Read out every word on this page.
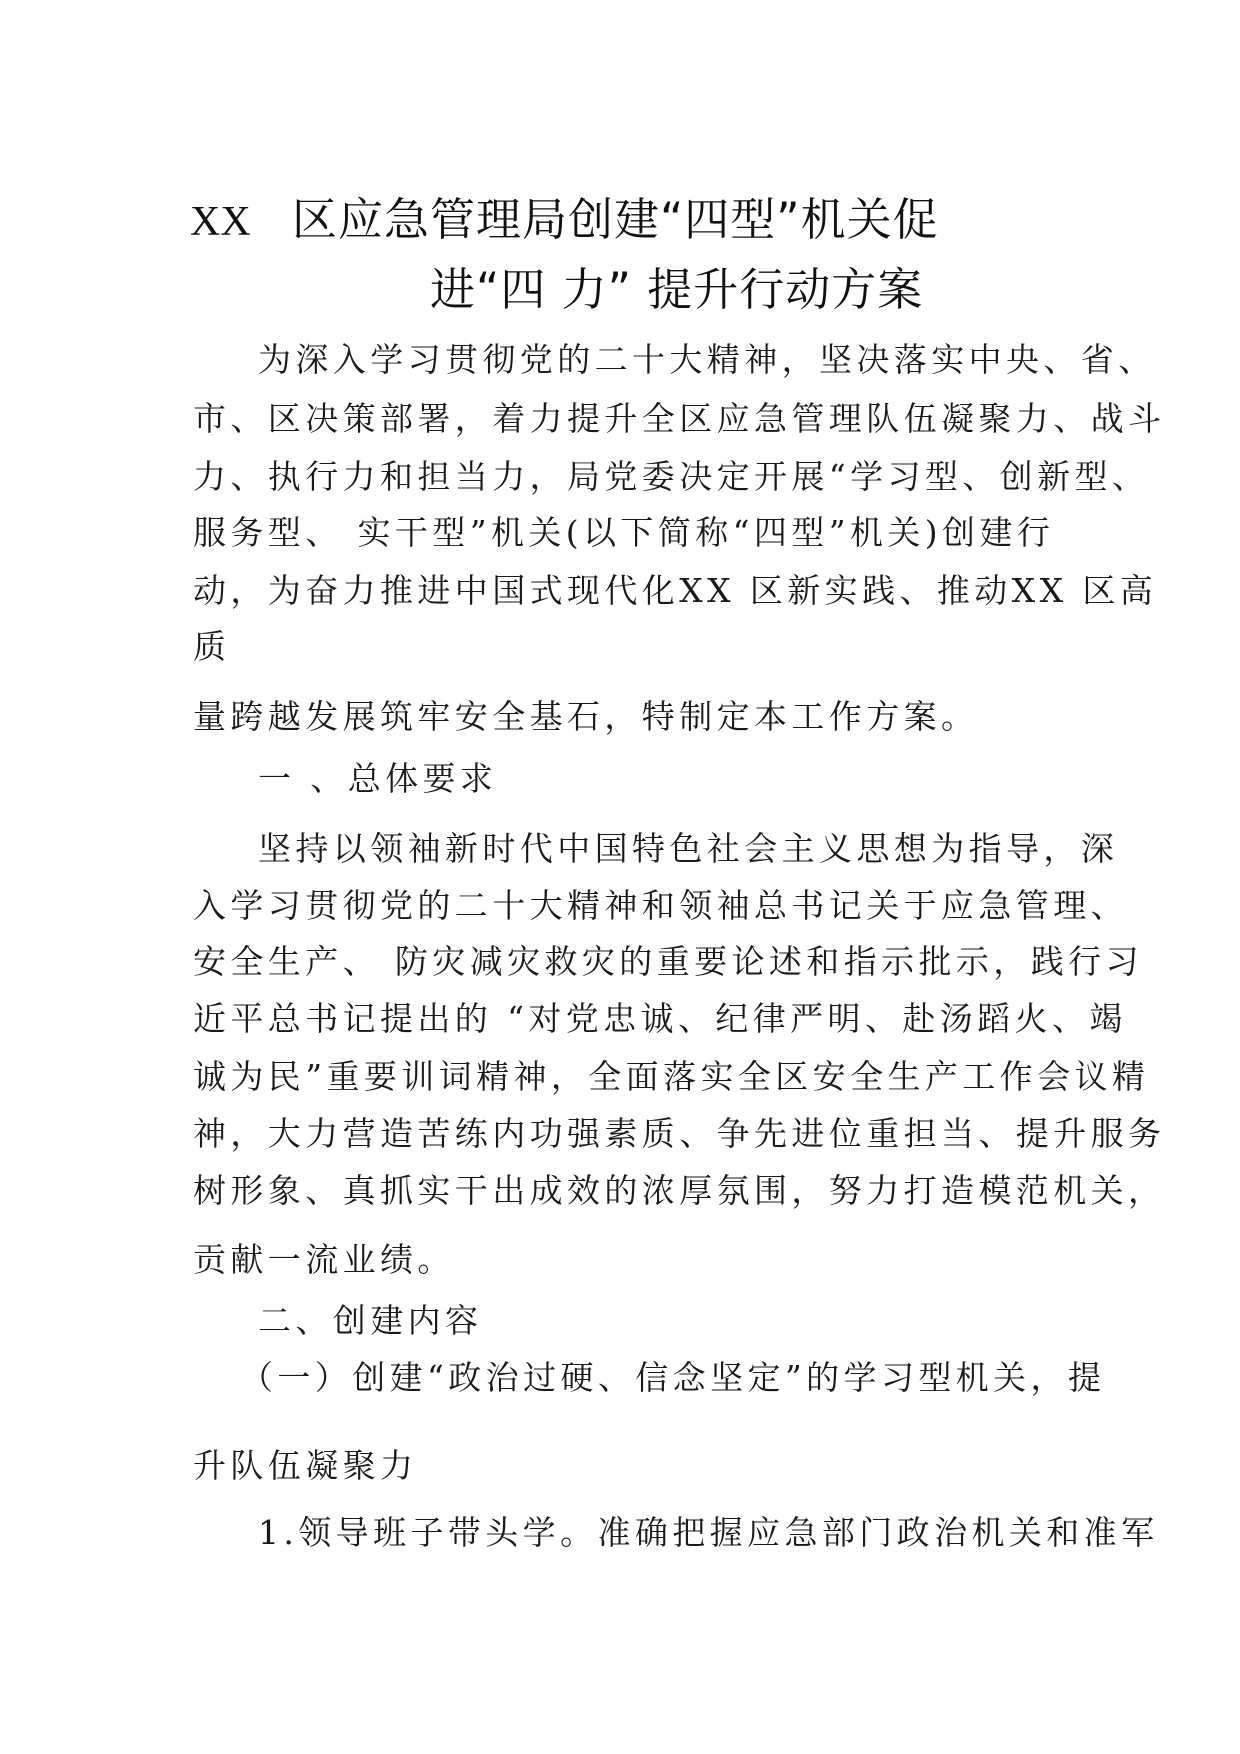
XX 区应急管理局创建“四型”机关促
进“四 力” 提升行动方案
为深入学习贯彻党的二十大精神，坚决落实中央、省、
市、区决策部署，着力提升全区应急管理队伍凝聚力、战斗
力、执行力和担当力，局党委决定开展“学习型、创新型、
服务型、 实干型”机关(以下简称“四型”机关)创建行
动，为奋力推进中国式现代化XX 区新实践、推动XX 区高
质
量跨越发展筑牢安全基石，特制定本工作方案。
一 、总体要求
坚持以领袖新时代中国特色社会主义思想为指导，深
入学习贯彻党的二十大精神和领袖总书记关于应急管理、
安全生产、 防灾减灾救灾的重要论述和指示批示，践行习
近平总书记提出的 “对党忠诚、纪律严明、赴汤蹈火、竭
诚为民”重要训词精神，全面落实全区安全生产工作会议精
神，大力营造苦练内功强素质、争先进位重担当、提升服务
树形象、真抓实干出成效的浓厚氛围，努力打造模范机关，
贡献一流业绩。
二、创建内容
（一）创建“政治过硬、信念坚定”的学习型机关，提
升队伍凝聚力
1.领导班子带头学。准确把握应急部门政治机关和准军
